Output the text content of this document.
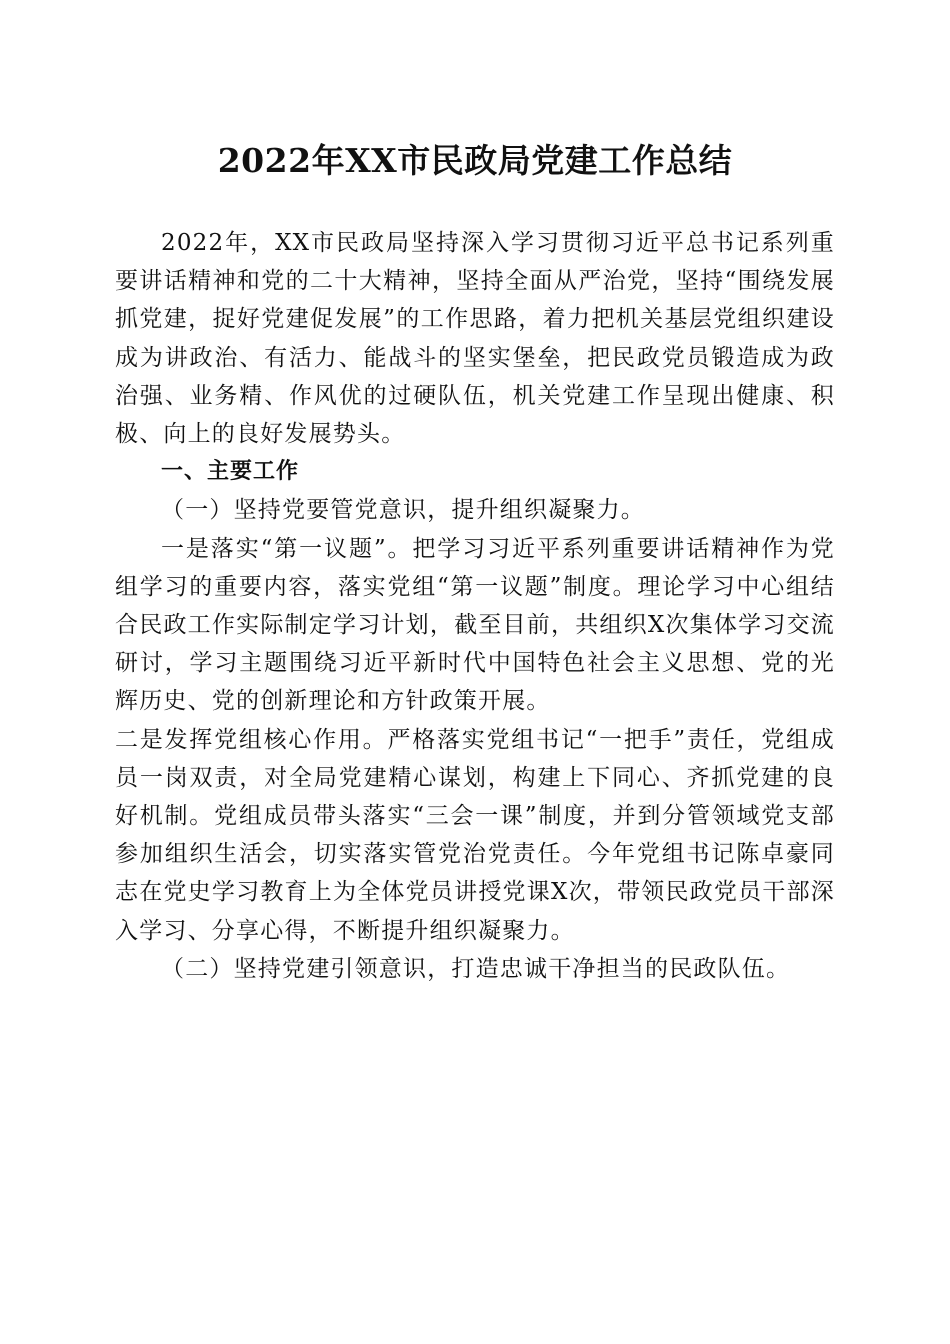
2022年XX市民政局党建工作总结

2022年，XX市民政局坚持深入学习贯彻习近平总书记系列重要讲话精神和党的二十大精神，坚持全面从严治党，坚持“围绕发展抓党建，捉好党建促发展”的工作思路，着力把机关基层党组织建设成为讲政治、有活力、能战斗的坚实堡垒，把民政党员锻造成为政治强、业务精、作风优的过硬队伍，机关党建工作呈现出健康、积极、向上的良好发展势头。

一、主要工作

（一）坚持党要管党意识，提升组织凝聚力。

一是落实“第一议题”。把学习习近平系列重要讲话精神作为党组学习的重要内容，落实党组“第一议题”制度。理论学习中心组结合民政工作实际制定学习计划，截至目前，共组织X次集体学习交流研讨，学习主题围绕习近平新时代中国特色社会主义思想、党的光辉历史、党的创新理论和方针政策开展。

二是发挥党组核心作用。严格落实党组书记“一把手”责任，党组成员一岗双责，对全局党建精心谋划，构建上下同心、齐抓党建的良好机制。党组成员带头落实“三会一课”制度，并到分管领域党支部参加组织生活会，切实落实管党治党责任。今年党组书记陈卓豪同志在党史学习教育上为全体党员讲授党课X次，带领民政党员干部深入学习、分享心得，不断提升组织凝聚力。

（二）坚持党建引领意识，打造忠诚干净担当的民政队伍。
